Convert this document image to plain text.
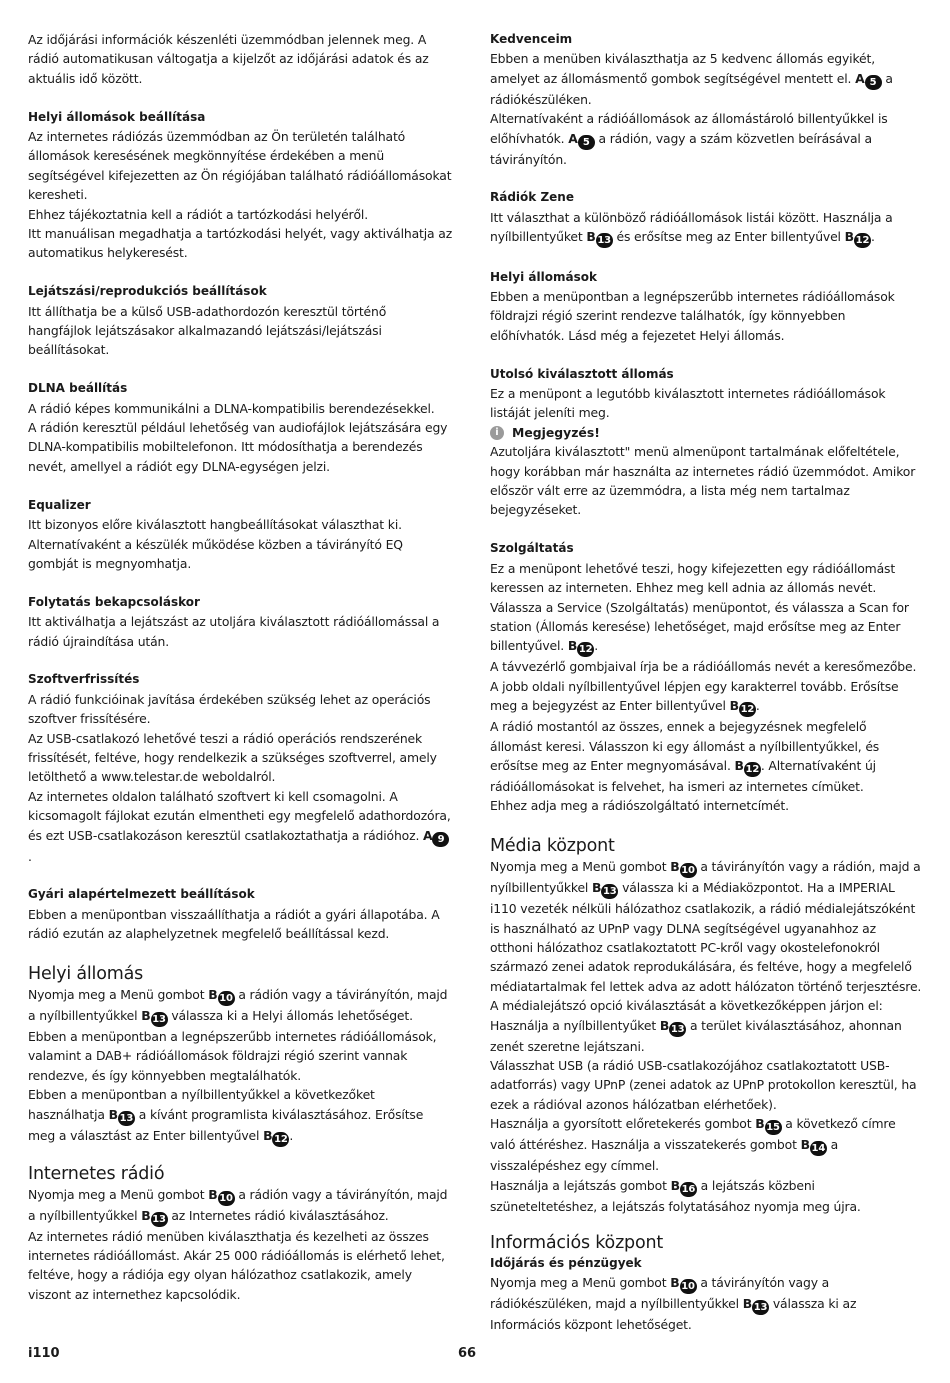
Az időjárási információk készenléti üzemmódban jelennek meg. A rádió automatikusan váltogatja a kijelzőt az időjárási adatok és az aktuális idő között.

Helyi állomások beállítása

Az internetes rádiózás üzemmódban az Ön területén található állomások keresésének megkönnyítése érdekében a menü segítségével kifejezetten az Ön régiójában található rádióállomásokat keresheti.

Ehhez tájékoztatnia kell a rádiót a tartózkodási helyéről.

Itt manuálisan megadhatja a tartózkodási helyét, vagy aktiválhatja az automatikus helykeresést.

Lejátszási/reprodukciós beállítások

Itt állíthatja be a külső USB-adathordozón keresztül történő hangfájlok lejátszásakor alkalmazandó lejátszási/lejátszási beállításokat.

DLNA beállítás

A rádió képes kommunikálni a DLNA-kompatibilis berendezésekkel.

A rádión keresztül például lehetőség van audiofájlok lejátszására egy DLNA-kompatibilis mobiltelefonon. Itt módosíthatja a berendezés nevét, amellyel a rádiót egy DLNA-egységen jelzi.

Equalizer

Itt bizonyos előre kiválasztott hangbeállításokat választhat ki.

Alternatívaként a készülék működése közben a távirányító EQ gombját is megnyomhatja.

Folytatás bekapcsoláskor

Itt aktiválhatja a lejátszást az utoljára kiválasztott rádióállomással a rádió újraindítása után.

Szoftverfrissítés

A rádió funkcióinak javítása érdekében szükség lehet az operációs szoftver frissítésére.

Az USB-csatlakozó lehetővé teszi a rádió operációs rendszerének frissítését, feltéve, hogy rendelkezik a szükséges szoftverrel, amely letölthető a www.telestar.de weboldalról.

Az internetes oldalon található szoftvert ki kell csomagolni. A kicsomagolt fájlokat ezután elmentheti egy megfelelő adathordozóra, és ezt USB-csatlakozáson keresztül csatlakoztathatja a rádióhoz. A 9.

Gyári alapértelmezett beállítások

Ebben a menüpontban visszaállíthatja a rádiót a gyári állapotába. A rádió ezután az alaphelyzetnek megfelelő beállítással kezd.

Helyi állomás

Nyomja meg a Menü gombot B 10 a rádión vagy a távirányítón, majd a nyílbillentyűkkel B 13 válassza ki a Helyi állomás lehetőséget.

Ebben a menüpontban a legnépszerűbb internetes rádióállomások, valamint a DAB+ rádióállomások földrajzi régió szerint vannak rendezve, és így könnyebben megtalálhatók.

Ebben a menüpontban a nyílbillentyűkkel a következőket használhatja B 13 a kívánt programlista kiválasztásához. Erősítse meg a választást az Enter billentyűvel B 12 .

Internetes rádió

Nyomja meg a Menü gombot B 10 a rádión vagy a távirányítón, majd a nyílbillentyűkkel B 13 az Internetes rádió kiválasztásához.

Az internetes rádió menüben kiválaszthatja és kezelheti az összes internetes rádióállomást. Akár 25 000 rádióállomás is elérhető lehet, feltéve, hogy a rádiója egy olyan hálózathoz csatlakozik, amely viszont az internethez kapcsolódik.

Kedvenceim

Ebben a menüben kiválaszthatja az 5 kedvenc állomás egyikét, amelyet az állomásmentő gombok segítségével mentett el. A 5 a rádiókészüléken.

Alternatívaként a rádióállomások az állomástároló billentyűkkel is előhívhatók. A 5 a rádión, vagy a szám közvetlen beírásával a távirányítón.

Rádiók Zene

Itt választhat a különböző rádióállomások listái között. Használja a nyílbillentyűket B 13 és erősítse meg az Enter billentyűvel B 12 .

Helyi állomások

Ebben a menüpontban a legnépszerűbb internetes rádióállomások földrajzi régió szerint rendezve találhatók, így könnyebben előhívhatók. Lásd még a fejezetet Helyi állomás.

Utolsó kiválasztott állomás

Ez a menüpont a legutóbb kiválasztott internetes rádióállomások listáját jeleníti meg.

i	Megjegyzés!

Azutoljára kiválasztott" menü almenüpont tartalmának előfeltétele, hogy korábban már használta az internetes rádió üzemmódot. Amikor először vált erre az üzemmódra, a lista még nem tartalmaz bejegyzéseket.

Szolgáltatás

Ez a menüpont lehetővé teszi, hogy kifejezetten egy rádióállomást keressen az interneten. Ehhez meg kell adnia az állomás nevét. Válassza a Service (Szolgáltatás) menüpontot, és válassza a Scan for station (Állomás keresése) lehetőséget, majd erősítse meg az Enter billentyűvel. B 12 .

A távvezérlő gombjaival írja be a rádióállomás nevét a keresőmezőbe. A jobb oldali nyílbillentyűvel lépjen egy karakterrel tovább. Erősítse meg a bejegyzést az Enter billentyűvel B 12 .

A rádió mostantól az összes, ennek a bejegyzésnek megfelelő állomást keresi. Válasszon ki egy állomást a nyílbillentyűkkel, és erősítse meg az Enter megnyomásával. B 12 . Alternatívaként új rádióállomásokat is felvehet, ha ismeri az internetes címüket.

Ehhez adja meg a rádiószolgáltató internetcímét.

Média központ

Nyomja meg a Menü gombot B 10 a távirányítón vagy a rádión, majd a nyílbillentyűkkel B 13 válassza ki a Médiaközpontot. Ha a IMPERIAL i110 vezeték nélküli hálózathoz csatlakozik, a rádió médialejátszóként is használható az UPnP vagy DLNA segítségével ugyanahhoz az otthoni hálózathoz csatlakoztatott PC-kről vagy okostelefonokról származó zenei adatok reprodukálására, és feltéve, hogy a megfelelő médiatartalmak fel lettek adva az adott hálózaton történő terjesztésre. A médialejátszó opció kiválasztását a következőképpen járjon el: Használja a nyílbillentyűket B 13 a terület kiválasztásához, ahonnan zenét szeretne lejátszani.

Válasszhat USB (a rádió USB-csatlakozójához csatlakoztatott USB-adatforrás) vagy UPnP (zenei adatok az UPnP protokollon keresztül, ha ezek a rádióval azonos hálózatban elérhetőek).

Használja a gyorsított előretekerés gombot B 15 a következő címre való áttéréshez. Használja a visszatekerés gombot B 14 a visszalépéshez egy címmel.

Használja a lejátszás gombot B 16 a lejátszás közbeni szüneteltetéshez, a lejátszás folytatásához nyomja meg újra.

Információs központ
Időjárás és pénzügyek

Nyomja meg a Menü gombot B 10 a távirányítón vagy a rádiókészüléken, majd a nyílbillentyűkkel B 13 válassza ki az Információs központ lehetőséget.

i110	66
